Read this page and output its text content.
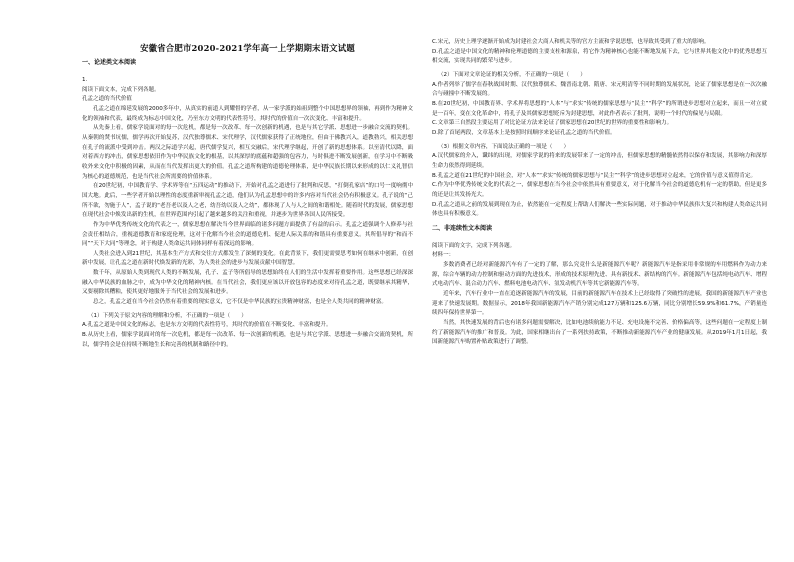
安徽省合肥市2020-2021学年高一上学期期末语文试题
一、论述类文本阅读
1.
阅读下面文本，完成下列各题。
孔孟之道的当代价值

孔孟之道在绵延发展的2000多年中，从真实的前道人到耀督的学者，从一家学派的始祖到整个中国思想界的领袖，再到作为精神文化的领袖和代表，最终成为标志中国文化，乃至东方文明的代表性符号，其时代的价值自一次次变化、丰富和提升。

从先秦上看，儒家学说面对的每一次危机，都是每一次改革、每一次创新的机遇，也是与其它学派、思想进一步融合交流的契机。从秦朝的焚书坑儒，儒学再次开始复苏，汉代独尊儒术、宋代理学，汉代儒家获得了正统地位，但由于佛教兴入，道教勃兴，相关思想在孔子的流派中受到冲击。两汉之际道学兴起，唐代儒学复兴，相互交融后，宋代理学继起，开创了新的思想体系。以至清代以降，面对着西方的冲击，儒家思想依旧作为中华民族文化的根基，以其深厚的底蕴和超强的包容力，与时俱进不断发展创新，在学习中不断吸收外来文化中积极的因素，从而在当代发挥出更大的价值。孔孟之道所构建的道德伦理体系，是中华民族长期以来形成的以仁义礼智信为核心的道德规范，也是当代社会所需要的价值体系。

在20世纪初，中国教育学、学术界等在“五四运动”的推动下，开始对孔孟之道进行了批判和反思，“打倒孔家店”的口号一度响彻中国大地。此后，一些学者开始以理性的态度重新审视孔孟之道，他们认为孔孟思想中的许多内容对当代社会仍有积极意义。孔子说的“己所不欲，勿施于人”，孟子说的“老吾老以及人之老，幼吾幼以及人之幼”，都体现了人与人之间的和谐相处。随着时代的发展，儒家思想在现代社会中焕发出新的生机，在世界范围内引起了越来越多的关注和重视，并逐步为世界各国人民所接受。

作为中华优秀传统文化的代表之一，儒家思想在解决当今世界面临的诸多问题方面提供了有益的启示。孔孟之道强调个人修养与社会责任相结合，重视道德教育和家庭伦理，这对于化解当今社会的道德危机、促进人际关系的和谐具有重要意义。其所倡导的“和而不同”“天下大同”等理念，对于构建人类命运共同体同样有着深远的影响。

人类社会进入到21世纪，其基本生产方式和交往方式都发生了深刻的变化。在此背景下，我们更需要思考如何在继承中创新，在创新中发展，让孔孟之道在新时代焕发新的光彩，为人类社会的进步与发展贡献中国智慧。

数千年，从原始人类到现代人类的不断发展，孔子、孟子等所倡导的思想始终在人们的生活中发挥着重要作用。这些思想已经深深融入中华民族的血脉之中，成为中华文化的精神内核。在当代社会，我们更应该以开放包容的态度来对待孔孟之道，既要继承其精华，又要剔除其糟粕，使其更好地服务于当代社会的发展和进步。

总之，孔孟之道在当今社会仍然有着重要的现实意义，它不仅是中华民族的宝贵精神财富，也是全人类共同的精神财富。

（1）下列关于原文内容的理解和分析，不正确的一项是（　　）

A.孔孟之道是中国文化的标志，也是东方文明的代表性符号，其时代的价值在不断变化、丰富和提升。

B.从历史上看，儒家学说面对的每一次危机，都是每一次改革、每一次创新的机遇，也是与其它学派、思想进一步融合交流的契机，所以，儒学将会是在持续不断地生长和完善的机制和路径中的。

C.宋元，历史上理学逐渐开始成为封建社会大商人和机关等的官方主流和学说思想，也导致其受到了重大的影响。

D.孔孟之道是中国文化的精神和伦理道德的主要支柱和源泉，将它作为精神核心也能不断地发展下去，它与世界其他文化中的优秀思想互相交流，实现共同的繁荣与进步。

（2）下面对文章论证的相关分析，不正确的一项是（　　）

A.作者列举了儒学在春秋战国时期、汉代独尊儒术、魏晋南北朝、隋唐、宋元明清等不同时期的发展状况，论证了儒家思想是在一次次融合与碰撞中不断发展的。

B.在20世纪初，中国教育界、学术界将思想的“人本”与“求实”传统的儒家思想与“民主”“科学”的所谓进步思想对立起来，而且一对立就是一百年，变在文化革命中，将孔子及其儒家思想贬斥为封建思想，对此作者表示了批判，说明一个时代的偏见与局限。

C.文章第三自然段主要运用了对比论证方法来论证了儒家思想在20世纪的世界的重要性和影响力。

D.除了首尾两段，文章基本上是按照时间顺序来论证孔孟之道的当代价值。

（3）根据文章内容，下面说法正确的一项是（　　）

A.汉代儒家的介入，谶纬的出现，对儒家学说的将来的发展带来了一定的冲击，但儒家思想的精髓依然得以保存和发展，其影响力和深厚生命力依然得到延续。

B.孔孟之道在21世纪的中国社会，对“人本”“求实”传统的儒家思想与“民主”“科学”的进步思想对立起来，它的价值与意义值得肯定。

C.作为中华优秀传统文化的代表之一，儒家思想在当今社会中依然具有重要意义，对于化解当今社会的道德危机有一定的帮助，但是更多的还是让其发扬光大。

D.孔孟之道从之前的发展到现在为止，依然能在一定程度上帮助人们解决一些实际问题，对于推动中华民族伟大复兴和构建人类命运共同体也具有积极意义。

二、非连续性文本阅读
阅读下面的文字，完成下列各题。
材料一：

多数消费者已经对新能源汽车有了一定的了解，那么究竟什么是新能源汽车呢？新能源汽车是指采用非常规的车用燃料作为动力来源，综合车辆的动力控制和驱动方面的先进技术，形成的技术原理先进、具有新技术、新结构的汽车。新能源汽车包括纯电动汽车、增程式电动汽车、混合动力汽车、燃料电池电动汽车、氢发动机汽车等其它新能源汽车等。

近年来，汽车行业中一直在追逐新能源汽车的发展，目前的新能源汽车在技术上已经取得了突破性的进展，我国的新能源汽车产业也迎来了快速发展期。数据显示，2018年我国新能源汽车产销分别完成127万辆和125.6万辆，同比分别增长59.9%和61.7%，产销量连续四年保持世界第一。

当然，其快速发展的背后也有诸多问题需要解决，比如电池续航能力不足、充电设施不完善、价格偏高等，这些问题在一定程度上制约了新能源汽车的推广和普及。为此，国家相继出台了一系列扶持政策，不断推动新能源汽车产业的健康发展。从2019年1月1日起，我国新能源汽车购置补贴政策进行了调整。
